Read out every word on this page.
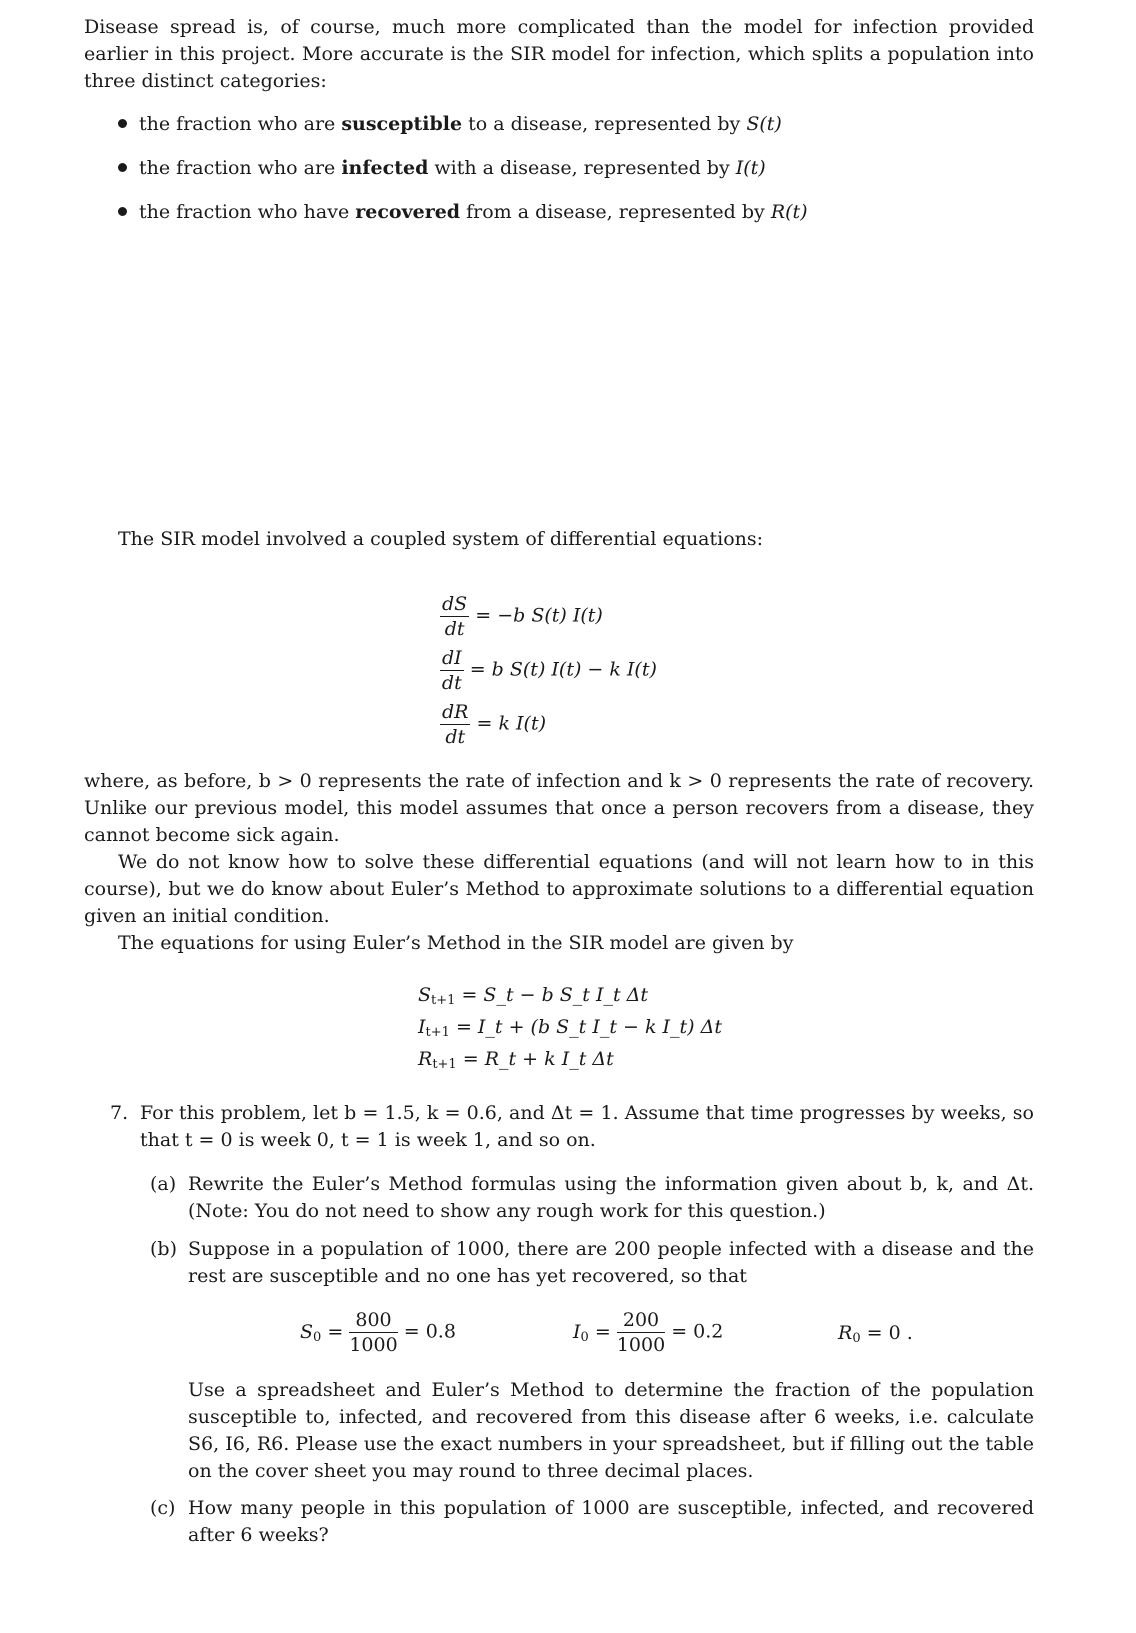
Disease spread is, of course, much more complicated than the model for infection provided earlier in this project. More accurate is the SIR model for infection, which splits a population into three distinct categories:
the fraction who are susceptible to a disease, represented by S(t)
the fraction who are infected with a disease, represented by I(t)
the fraction who have recovered from a disease, represented by R(t)
The SIR model involved a coupled system of differential equations:
$\frac{dS}{dt} = -b$ S(t) I(t)
$\frac{dI}{dt} = b$ S(t) I(t) − k I(t)
$\frac{dR}{dt} = k$ I(t)
where, as before, b > 0 represents the rate of infection and k > 0 represents the rate of recovery. Unlike our previous model, this model assumes that once a person recovers from a disease, they cannot become sick again.
We do not know how to solve these differential equations (and will not learn how to in this course), but we do know about Euler’s Method to approximate solutions to a differential equation given an initial condition.
The equations for using Euler’s Method in the SIR model are given by
$S_{t+1}$ = S_t − b S_t I_t Δt
$I_{t+1}$ = I_t + (b S_t I_t − k I_t) Δt
$R_{t+1}$ = R_t + k I_t Δt
7. For this problem, let b = 1.5, k = 0.6, and Δt = 1. Assume that time progresses by weeks, so that t = 0 is week 0, t = 1 is week 1, and so on.
(a) Rewrite the Euler’s Method formulas using the information given about b, k, and Δt. (Note: You do not need to show any rough work for this question.)
(b) Suppose in a population of 1000, there are 200 people infected with a disease and the rest are susceptible and no one has yet recovered, so that
$S_0 = \frac{800}{1000} = 0.8$	$I_0 = \frac{200}{1000} = 0.2$	$R_0 = 0$ .
Use a spreadsheet and Euler’s Method to determine the fraction of the population susceptible to, infected, and recovered from this disease after 6 weeks, i.e. calculate S6, I6, R6. Please use the exact numbers in your spreadsheet, but if filling out the table on the cover sheet you may round to three decimal places.
(c) How many people in this population of 1000 are susceptible, infected, and recovered after 6 weeks?
